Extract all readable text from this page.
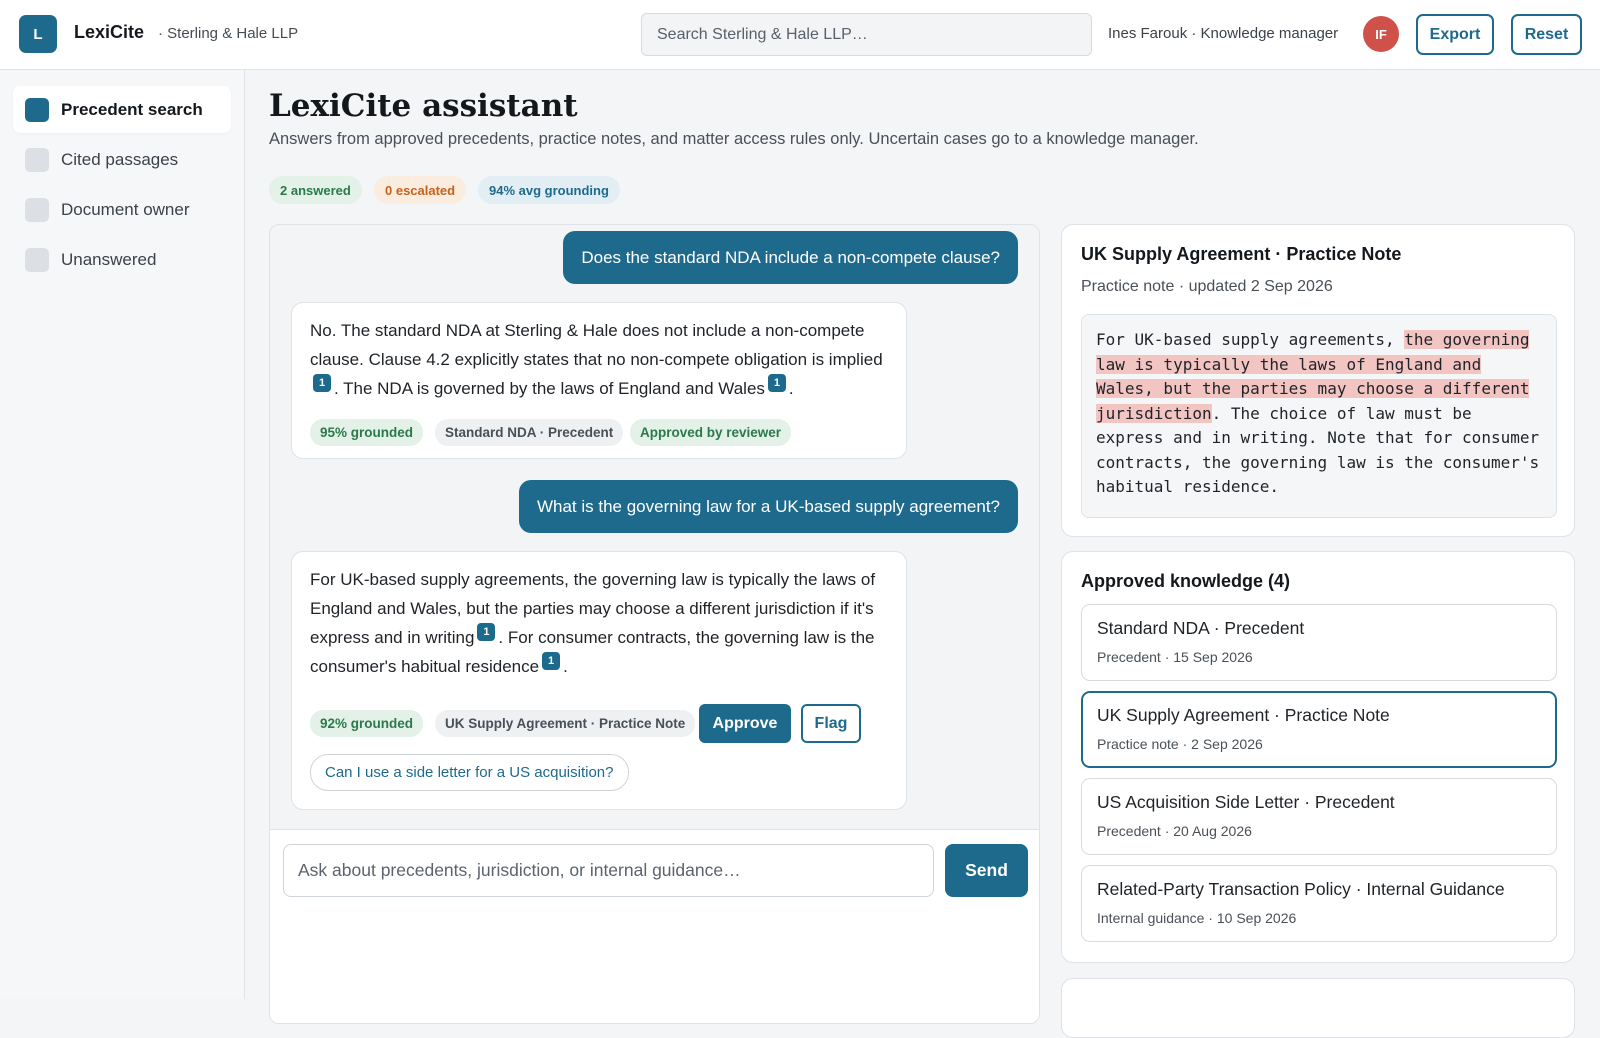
L	LexiCite · Sterling & Hale LLP
Search Sterling & Hale LLP…	Ines Farouk · Knowledge manager	IF	Export	Reset
Precedent search
Cited passages
Document owner
Unanswered
LexiCite assistant

Answers from approved precedents, practice notes, and matter access rules only. Uncertain cases go to a knowledge manager.

2 answered	0 escalated	94% avg grounding
Does the standard NDA include a non-compete clause?
No. The standard NDA at Sterling & Hale does not include a non-compete clause. Clause 4.2 explicitly states that no non-compete obligation is implied1 . The NDA is governed by the laws of England and Wales 1 .
95% grounded	Standard NDA · Precedent	Approved by reviewer
What is the governing law for a UK-based supply agreement?
For UK-based supply agreements, the governing law is typically the laws of England and Wales, but the parties may choose a different jurisdiction if it's express and in writing 1 . For consumer contracts, the governing law is the consumer's habitual residence 1 .
92% grounded	UK Supply Agreement · Practice Note	Approve	Flag
Can I use a side letter for a US acquisition?
Ask about precedents, jurisdiction, or internal guidance…
Send
UK Supply Agreement · Practice Note
Practice note · updated 2 Sep 2026
For UK-based supply agreements, the governing law is typically the laws of England and Wales, but the parties may choose a different jurisdiction. The choice of law must be express and in writing. Note that for consumer contracts, the governing law is the consumer's habitual residence.
Approved knowledge (4)
Standard NDA · Precedent
Precedent · 15 Sep 2026
UK Supply Agreement · Practice Note
Practice note · 2 Sep 2026
US Acquisition Side Letter · Precedent
Precedent · 20 Aug 2026
Related-Party Transaction Policy · Internal Guidance
Internal guidance · 10 Sep 2026
